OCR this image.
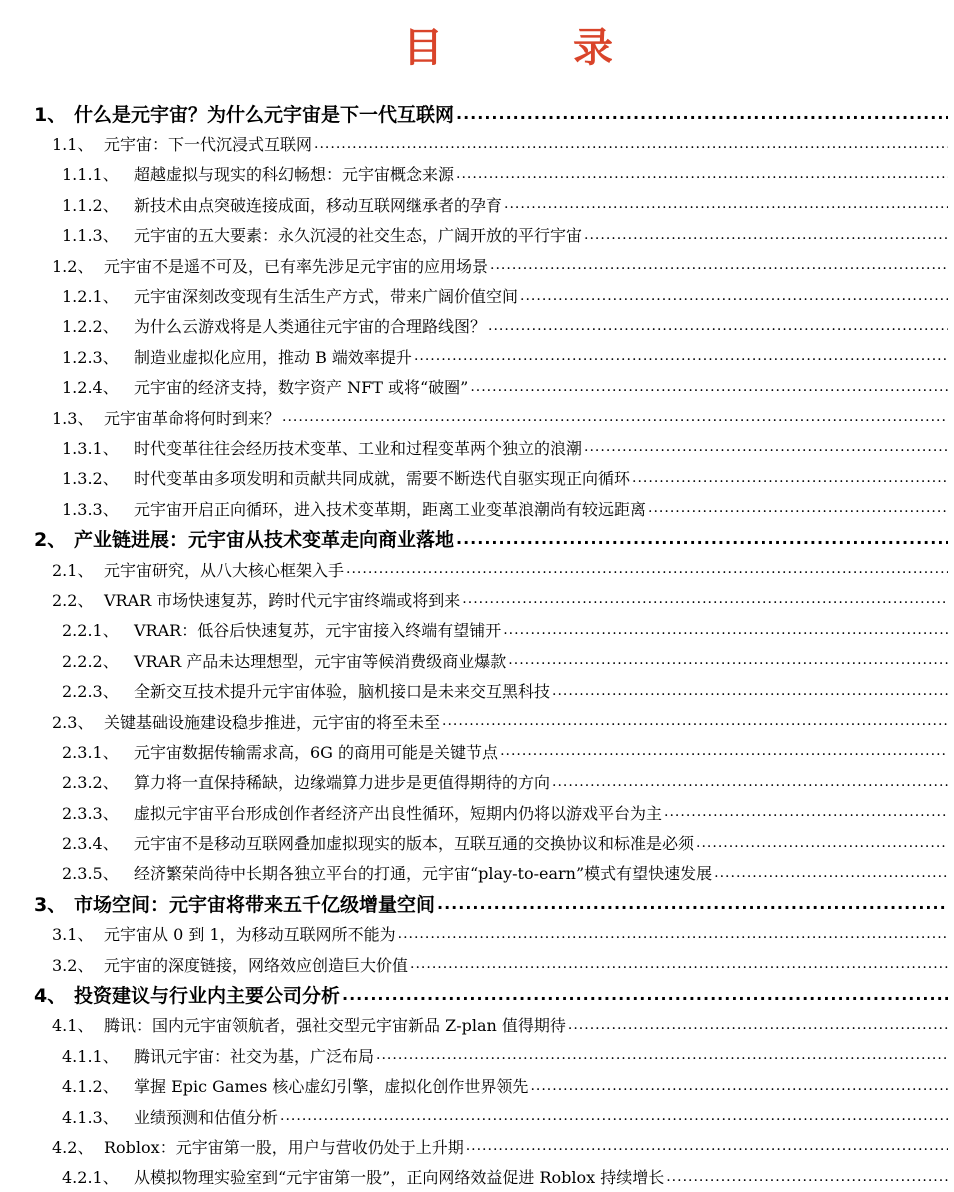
目 录
1、 什么是元宇宙？为什么元宇宙是下一代互联网
.....
1.1、 元宇宙：下一代沉浸式互联网
.....
1.1.1、 超越虚拟与现实的科幻畅想：元宇宙概念来源
.....
1.1.2、 新技术由点突破连接成面，移动互联网继承者的孕育
.....
1.1.3、 元宇宙的五大要素：永久沉浸的社交生态，广阔开放的平行宇宙
.....
1.2、 元宇宙不是遥不可及，已有率先涉足元宇宙的应用场景
.....
1.2.1、 元宇宙深刻改变现有生活生产方式，带来广阔价值空间
.....
1.2.2、 为什么云游戏将是人类通往元宇宙的合理路线图？
.....
1.2.3、 制造业虚拟化应用，推动 B 端效率提升
.....
1.2.4、 元宇宙的经济支持，数字资产 NFT 或将“破圈”
.....
1.3、 元宇宙革命将何时到来？
.....
1.3.1、 时代变革往往会经历技术变革、工业和过程变革两个独立的浪潮
.....
1.3.2、 时代变革由多项发明和贡献共同成就，需要不断迭代自驱实现正向循环
.....
1.3.3、 元宇宙开启正向循环，进入技术变革期，距离工业变革浪潮尚有较远距离
.....
2、 产业链进展：元宇宙从技术变革走向商业落地
.....
2.1、 元宇宙研究，从八大核心框架入手
.....
2.2、 VRAR 市场快速复苏，跨时代元宇宙终端或将到来
.....
2.2.1、 VRAR：低谷后快速复苏，元宇宙接入终端有望铺开
.....
2.2.2、 VRAR 产品未达理想型，元宇宙等候消费级商业爆款
.....
2.2.3、 全新交互技术提升元宇宙体验，脑机接口是未来交互黑科技
.....
2.3、 关键基础设施建设稳步推进，元宇宙的将至未至
.....
2.3.1、 元宇宙数据传输需求高，6G 的商用可能是关键节点
.....
2.3.2、 算力将一直保持稀缺，边缘端算力进步是更值得期待的方向
.....
2.3.3、 虚拟元宇宙平台形成创作者经济产出良性循环，短期内仍将以游戏平台为主
.....
2.3.4、 元宇宙不是移动互联网叠加虚拟现实的版本，互联互通的交换协议和标准是必须
.....
2.3.5、 经济繁荣尚待中长期各独立平台的打通，元宇宙“play-to-earn”模式有望快速发展
.....
3、 市场空间：元宇宙将带来五千亿级增量空间
.....
3.1、 元宇宙从 0 到 1，为移动互联网所不能为
.....
3.2、 元宇宙的深度链接，网络效应创造巨大价值
.....
4、 投资建议与行业内主要公司分析
.....
4.1、 腾讯：国内元宇宙领航者，强社交型元宇宙新品 Z-plan 值得期待
.....
4.1.1、 腾讯元宇宙：社交为基，广泛布局
.....
4.1.2、 掌握 Epic Games 核心虚幻引擎，虚拟化创作世界领先
.....
4.1.3、 业绩预测和估值分析
.....
4.2、 Roblox：元宇宙第一股，用户与营收仍处于上升期
.....
4.2.1、 从模拟物理实验室到“元宇宙第一股”，正向网络效益促进 Roblox 持续增长
.....
